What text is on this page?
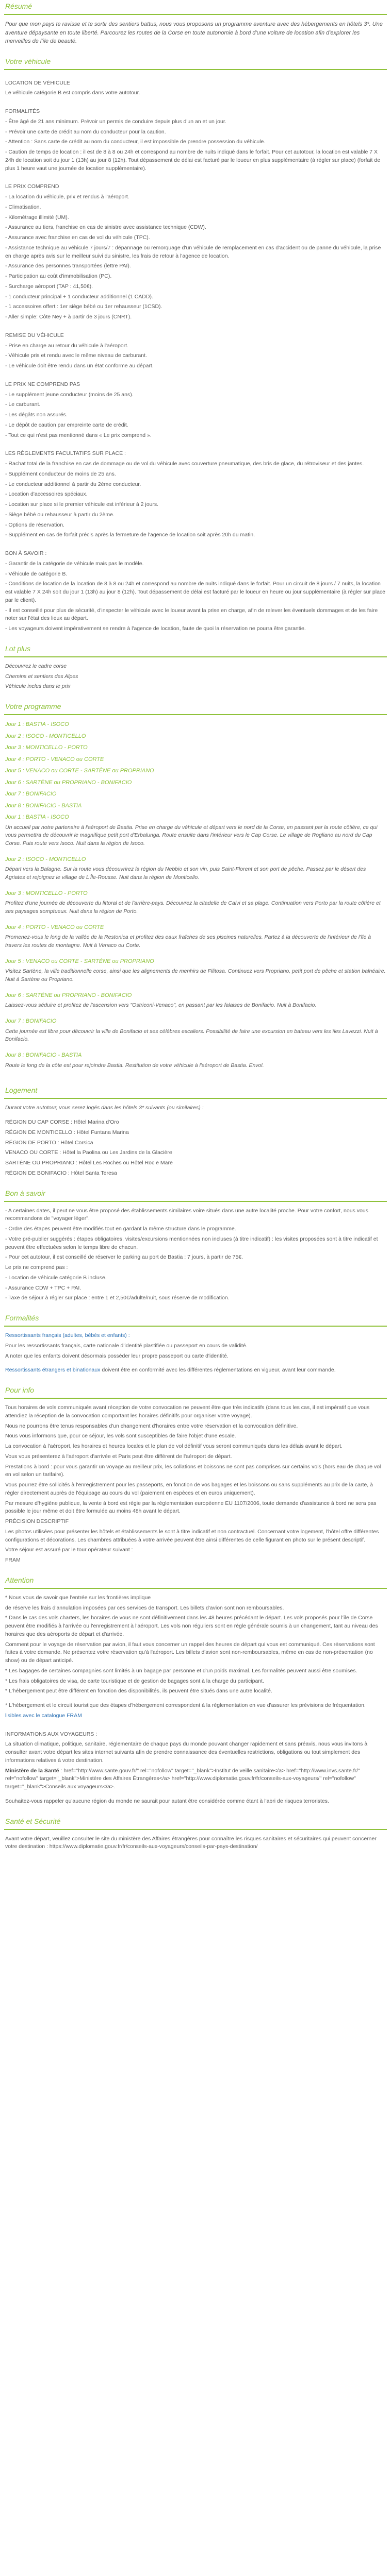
Résumé

Pour que mon pays te ravisse et te sortir des sentiers battus, nous vous proposons un programme aventure avec des hébergements en hôtels 3*. Une aventure dépaysante en toute liberté. Parcourez les routes de la Corse en toute autonomie à bord d'une voiture de location afin d'explorer les merveilles de l'île de beauté.

Votre véhicule

LOCATION DE VÉHICULE

Le véhicule catégorie B est compris dans votre autotour.

FORMALITÉS

- Être âgé de 21 ans minimum. Prévoir un permis de conduire depuis plus d'un an et un jour.

- Prévoir une carte de crédit au nom du conducteur pour la caution.

- Attention : Sans carte de crédit au nom du conducteur, il est impossible de prendre possession du véhicule.

- Caution de temps de location : il est de 8 à 8 ou 24h et correspond au nombre de nuits indiqué dans le forfait. Pour cet autotour, la location est valable 7 X 24h de location soit du jour 1 (13h) au jour 8 (12h). Tout dépassement de délai est facturé par le loueur en plus supplémentaire (à régler sur place) (forfait de plus 1 heure vaut une journée de location supplémentaire).

LE PRIX COMPREND

- La location du véhicule, prix et rendus à l'aéroport.

- Climatisation.

- Kilométrage illimité (UM).

- Assurance au tiers, franchise en cas de sinistre avec assistance technique (CDW).

- Assurance avec franchise en cas de vol du véhicule (TPC).

- Assistance technique au véhicule 7 jours/7 : dépannage ou remorquage d'un véhicule de remplacement en cas d'accident ou de panne du véhicule, la prise en charge après avis sur le meilleur suivi du sinistre, les frais de retour à l'agence de location.

- Assurance des personnes transportées (lettre PAI).

- Participation au coût d'immobilisation (PC).

- Surcharge aéroport (TAP : 41,50€).

- 1 conducteur principal + 1 conducteur additionnel (1 CADD).

- 1 accessoires offert : 1er siège bébé ou 1er rehausseur (1CSD).

- Aller simple: Côte Ney + à partir de 3 jours (CNRT).

REMISE DU VÉHICULE

- Prise en charge au retour du véhicule à l'aéroport.

- Véhicule pris et rendu avec le même niveau de carburant.

- Le véhicule doit être rendu dans un état conforme au départ.

LE PRIX NE COMPREND PAS

- Le supplément jeune conducteur (moins de 25 ans).

- Le carburant.

- Les dégâts non assurés.

- Le dépôt de caution par empreinte carte de crédit.

- Tout ce qui n'est pas mentionné dans « Le prix comprend ».

LES RÈGLEMENTS FACULTATIFS SUR PLACE :

- Rachat total de la franchise en cas de dommage ou de vol du véhicule avec couverture pneumatique, des bris de glace, du rétroviseur et des jantes.

- Supplément conducteur de moins de 25 ans.

- Le conducteur additionnel à partir du 2ème conducteur.

- Location d'accessoires spéciaux.

- Location sur place si le premier véhicule est inférieur à 2 jours.

- Siège bébé ou rehausseur à partir du 2ème.

- Options de réservation.

- Supplément en cas de forfait précis après la fermeture de l'agence de location soit après 20h du matin.

BON À SAVOIR :

- Garantir de la catégorie de véhicule mais pas le modèle.

- Véhicule de catégorie B.

- Conditions de location de la location de 8 à 8 ou 24h et correspond au nombre de nuits indiqué dans le forfait. Pour un circuit de 8 jours / 7 nuits, la location est valable 7 X 24h soit du jour 1 (13h) au jour 8 (12h). Tout dépassement de délai est facturé par le loueur en heure ou jour supplémentaire (à régler sur place par le client).

- Il est conseillé pour plus de sécurité, d'inspecter le véhicule avec le loueur avant la prise en charge, afin de relever les éventuels dommages et de les faire noter sur l'état des lieux au départ.

- Les voyageurs doivent impérativement se rendre à l'agence de location, faute de quoi la réservation ne pourra être garantie.

Lot plus

Découvrez le cadre corse

Chemins et sentiers des Alpes

Véhicule inclus dans le prix

Votre programme

Jour 1 : BASTIA - ISOCO

Jour 2 : ISOCO - MONTICELLO

Jour 3 : MONTICELLO - PORTO

Jour 4 : PORTO - VENACO ou CORTE

Jour 5 : VENACO ou CORTE - SARTÈNE ou PROPRIANO

Jour 6 : SARTÈNE ou PROPRIANO - BONIFACIO

Jour 7 : BONIFACIO

Jour 8 : BONIFACIO - BASTIA

Jour 1 : BASTIA - ISOCO

Un accueil par notre partenaire à l'aéroport de Bastia. Prise en charge du véhicule et départ vers le nord de la Corse, en passant par la route côtière, ce qui vous permettra de découvrir le magnifique petit port d'Erbalunga. Route ensuite dans l'intérieur vers le Cap Corse. Le village de Rogliano au nord du Cap Corse. Puis route vers Isoco. Nuit dans la région de Isoco.

Jour 2 : ISOCO - MONTICELLO

Départ vers la Balagne. Sur la route vous découvrirez la région du Nebbio et son vin, puis Saint-Florent et son port de pêche. Passez par le désert des Agriates et rejoignez le village de L'Île-Rousse. Nuit dans la région de Monticello.

Jour 3 : MONTICELLO - PORTO

Profitez d'une journée de découverte du littoral et de l'arrière-pays. Découvrez la citadelle de Calvi et sa plage. Continuation vers Porto par la route côtière et ses paysages somptueux. Nuit dans la région de Porto.

Jour 4 : PORTO - VENACO ou CORTE

Promenez-vous le long de la vallée de la Restonica et profitez des eaux fraîches de ses piscines naturelles. Partez à la découverte de l'intérieur de l'île à travers les routes de montagne. Nuit à Venaco ou Corte.

Jour 5 : VENACO ou CORTE - SARTÈNE ou PROPRIANO

Visitez Sartène, la ville traditionnelle corse, ainsi que les alignements de menhirs de Filitosa. Continuez vers Propriano, petit port de pêche et station balnéaire. Nuit à Sartène ou Propriano.

Jour 6 : SARTÈNE ou PROPRIANO - BONIFACIO

Laissez-vous séduire et profitez de l'ascension vers "Ostriconi-Venaco", en passant par les falaises de Bonifacio. Nuit à Bonifacio.

Jour 7 : BONIFACIO

Cette journée est libre pour découvrir la ville de Bonifacio et ses célèbres escaliers. Possibilité de faire une excursion en bateau vers les îles Lavezzi. Nuit à Bonifacio.

Jour 8 : BONIFACIO - BASTIA

Route le long de la côte est pour rejoindre Bastia. Restitution de votre véhicule à l'aéroport de Bastia. Envol.

Logement

Durant votre autotour, vous serez logés dans les hôtels 3* suivants (ou similaires) :

RÉGION DU CAP CORSE : Hôtel Marina d'Oro

RÉGION DE MONTICELLO : Hôtel Funtana Marina

RÉGION DE PORTO : Hôtel Corsica

VENACO OU CORTE : Hôtel la Paolina ou Les Jardins de la Glacière

SARTÈNE OU PROPRIANO : Hôtel Les Roches ou Hôtel Roc e Mare

RÉGION DE BONIFACIO : Hôtel Santa Teresa

Bon à savoir

- A certaines dates, il peut ne vous être proposé des établissements similaires voire situés dans une autre localité proche. Pour votre confort, nous vous recommandons de "voyager léger".

- Ordre des étapes peuvent être modifiés tout en gardant la même structure dans le programme.

- Votre pré-publier suggérés : étapes obligatoires, visites/excursions mentionnées non incluses (à titre indicatif) : les visites proposées sont à titre indicatif et peuvent être effectuées selon le temps libre de chacun.

- Pour cet autotour, il est conseillé de réserver le parking au port de Bastia : 7 jours, à partir de 75€.

Le prix ne comprend pas :

- Location de véhicule catégorie B incluse.

- Assurance CDW + TPC + PAI.

- Taxe de séjour à régler sur place : entre 1 et 2,50€/adulte/nuit, sous réserve de modification.

Formalités

Ressortissants français (adultes, bébés et enfants) :

Pour les ressortissants français, carte nationale d'identité plastifiée ou passeport en cours de validité.

A noter que les enfants doivent désormais posséder leur propre passeport ou carte d'identité.

Ressortissants étrangers et binationaux doivent être en conformité avec les différentes réglementations en vigueur, avant leur commande.

Pour info

Tous horaires de vols communiqués avant réception de votre convocation ne peuvent être que très indicatifs (dans tous les cas, il est impératif que vous attendiez la réception de la convocation comportant les horaires définitifs pour organiser votre voyage).

Nous ne pourrons être tenus responsables d'un changement d'horaires entre votre réservation et la convocation définitive.

Nous vous informons que, pour ce séjour, les vols sont susceptibles de faire l'objet d'une escale.

La convocation à l'aéroport, les horaires et heures locales et le plan de vol définitif vous seront communiqués dans les délais avant le départ.

Vous vous présenterez à l'aéroport d'arrivée et Paris peut être différent de l'aéroport de départ.

Prestations à bord : pour vous garantir un voyage au meilleur prix, les collations et boissons ne sont pas comprises sur certains vols (hors eau de chaque vol en vol selon un tarifaire).

Vous pourrez être sollicités à l'enregistrement pour les passeports, en fonction de vos bagages et les boissons ou sans suppléments au prix de la carte, à régler directement auprès de l'équipage au cours du vol (paiement en espèces et en euros uniquement).

Par mesure d'hygiène publique, la vente à bord est régie par la réglementation européenne EU 1107/2006, toute demande d'assistance à bord ne sera pas possible le jour même et doit être formulée au moins 48h avant le départ.

PRÉCISION DESCRIPTIF

Les photos utilisées pour présenter les hôtels et établissements le sont à titre indicatif et non contractuel. Concernant votre logement, l'hôtel offre différentes configurations et décorations. Les chambres attribuées à votre arrivée peuvent être ainsi différentes de celle figurant en photo sur le présent descriptif.

Votre séjour est assuré par le tour opérateur suivant :

FRAM

Attention

* Nous vous de savoir que l'entrée sur les frontières implique

de réserve les frais d'annulation imposées par ces services de transport. Les billets d'avion sont non remboursables.

* Dans le cas des vols charters, les horaires de vous ne sont définitivement dans les 48 heures précédant le départ. Les vols proposés pour l'île de Corse peuvent être modifiés à l'arrivée ou l'enregistrement à l'aéroport. Les vols non réguliers sont en règle générale soumis à un changement, tant au niveau des horaires que des aéroports de départ et d'arrivée.

Comment pour le voyage de réservation par avion, il faut vous concerner un rappel des heures de départ qui vous est communiqué. Ces réservations sont faites à votre demande. Ne présentez votre réservation qu'à l'aéroport. Les billets d'avion sont non-remboursables, même en cas de non-présentation (no show) ou de départ anticipé.

* Les bagages de certaines compagnies sont limités à un bagage par personne et d'un poids maximal. Les formalités peuvent aussi être soumises.

* Les frais obligatoires de visa, de carte touristique et de gestion de bagages sont à la charge du participant.

* L'hébergement peut être différent en fonction des disponibilités, ils peuvent être situés dans une autre localité.

* L'hébergement et le circuit touristique des étapes d'hébergement correspondent à la réglementation en vue d'assurer les prévisions de fréquentation.

lisibles avec le catalogue FRAM

INFORMATIONS AUX VOYAGEURS :

La situation climatique, politique, sanitaire, réglementaire de chaque pays du monde pouvant changer rapidement et sans préavis, nous vous invitons à consulter avant votre départ les sites internet suivants afin de prendre connaissance des éventuelles restrictions, obligations ou tout simplement des informations relatives à votre destination.

Ministère de la Santé : href="http://www.sante.gouv.fr/" rel="nofollow" target="_blank">Institut de veille sanitaire</a> href="http://www.invs.sante.fr/" rel="nofollow" target="_blank">Ministère des Affaires Étrangères</a> href="http://www.diplomatie.gouv.fr/fr/conseils-aux-voyageurs/" rel="nofollow" target="_blank">Conseils aux voyageurs</a>.

Souhaitez-vous rappeler qu'aucune région du monde ne saurait pour autant être considérée comme étant à l'abri de risques terroristes.

Santé et Sécurité

Avant votre départ, veuillez consulter le site du ministère des Affaires étrangères pour connaître les risques sanitaires et sécuritaires qui peuvent concerner votre destination : https://www.diplomatie.gouv.fr/fr/conseils-aux-voyageurs/conseils-par-pays-destination/
